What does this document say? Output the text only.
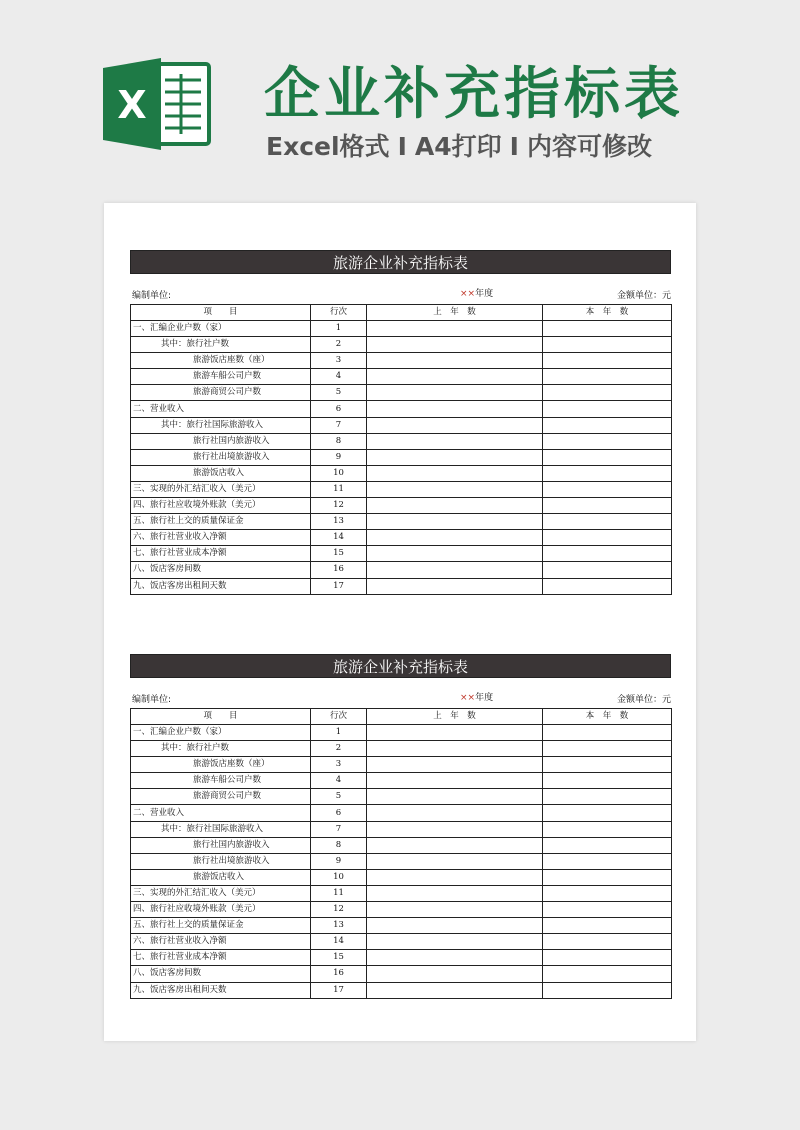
X 企业补充指标表
Excel格式 I A4打印 I 内容可修改
旅游企业补充指标表
编制单位:	××年度	金额单位：元
项　　目	行次	上　年　数	本　年　数
一、汇编企业户数（家）	1		
其中：旅行社户数	2		
旅游饭店座数（座）	3		
旅游车船公司户数	4		
旅游商贸公司户数	5		
二、营业收入	6		
其中：旅行社国际旅游收入	7		
旅行社国内旅游收入	8		
旅行社出境旅游收入	9		
旅游饭店收入	10		
三、实现的外汇结汇收入（美元）	11		
四、旅行社应收境外账款（美元）	12		
五、旅行社上交的质量保证金	13		
六、旅行社营业收入净额	14		
七、旅行社营业成本净额	15		
八、饭店客房间数	16		
九、饭店客房出租间天数	17		
旅游企业补充指标表
编制单位:	××年度	金额单位：元
项　　目	行次	上　年　数	本　年　数
一、汇编企业户数（家）	1		
其中：旅行社户数	2		
旅游饭店座数（座）	3		
旅游车船公司户数	4		
旅游商贸公司户数	5		
二、营业收入	6		
其中：旅行社国际旅游收入	7		
旅行社国内旅游收入	8		
旅行社出境旅游收入	9		
旅游饭店收入	10		
三、实现的外汇结汇收入（美元）	11		
四、旅行社应收境外账款（美元）	12		
五、旅行社上交的质量保证金	13		
六、旅行社营业收入净额	14		
七、旅行社营业成本净额	15		
八、饭店客房间数	16		
九、饭店客房出租间天数	17		
